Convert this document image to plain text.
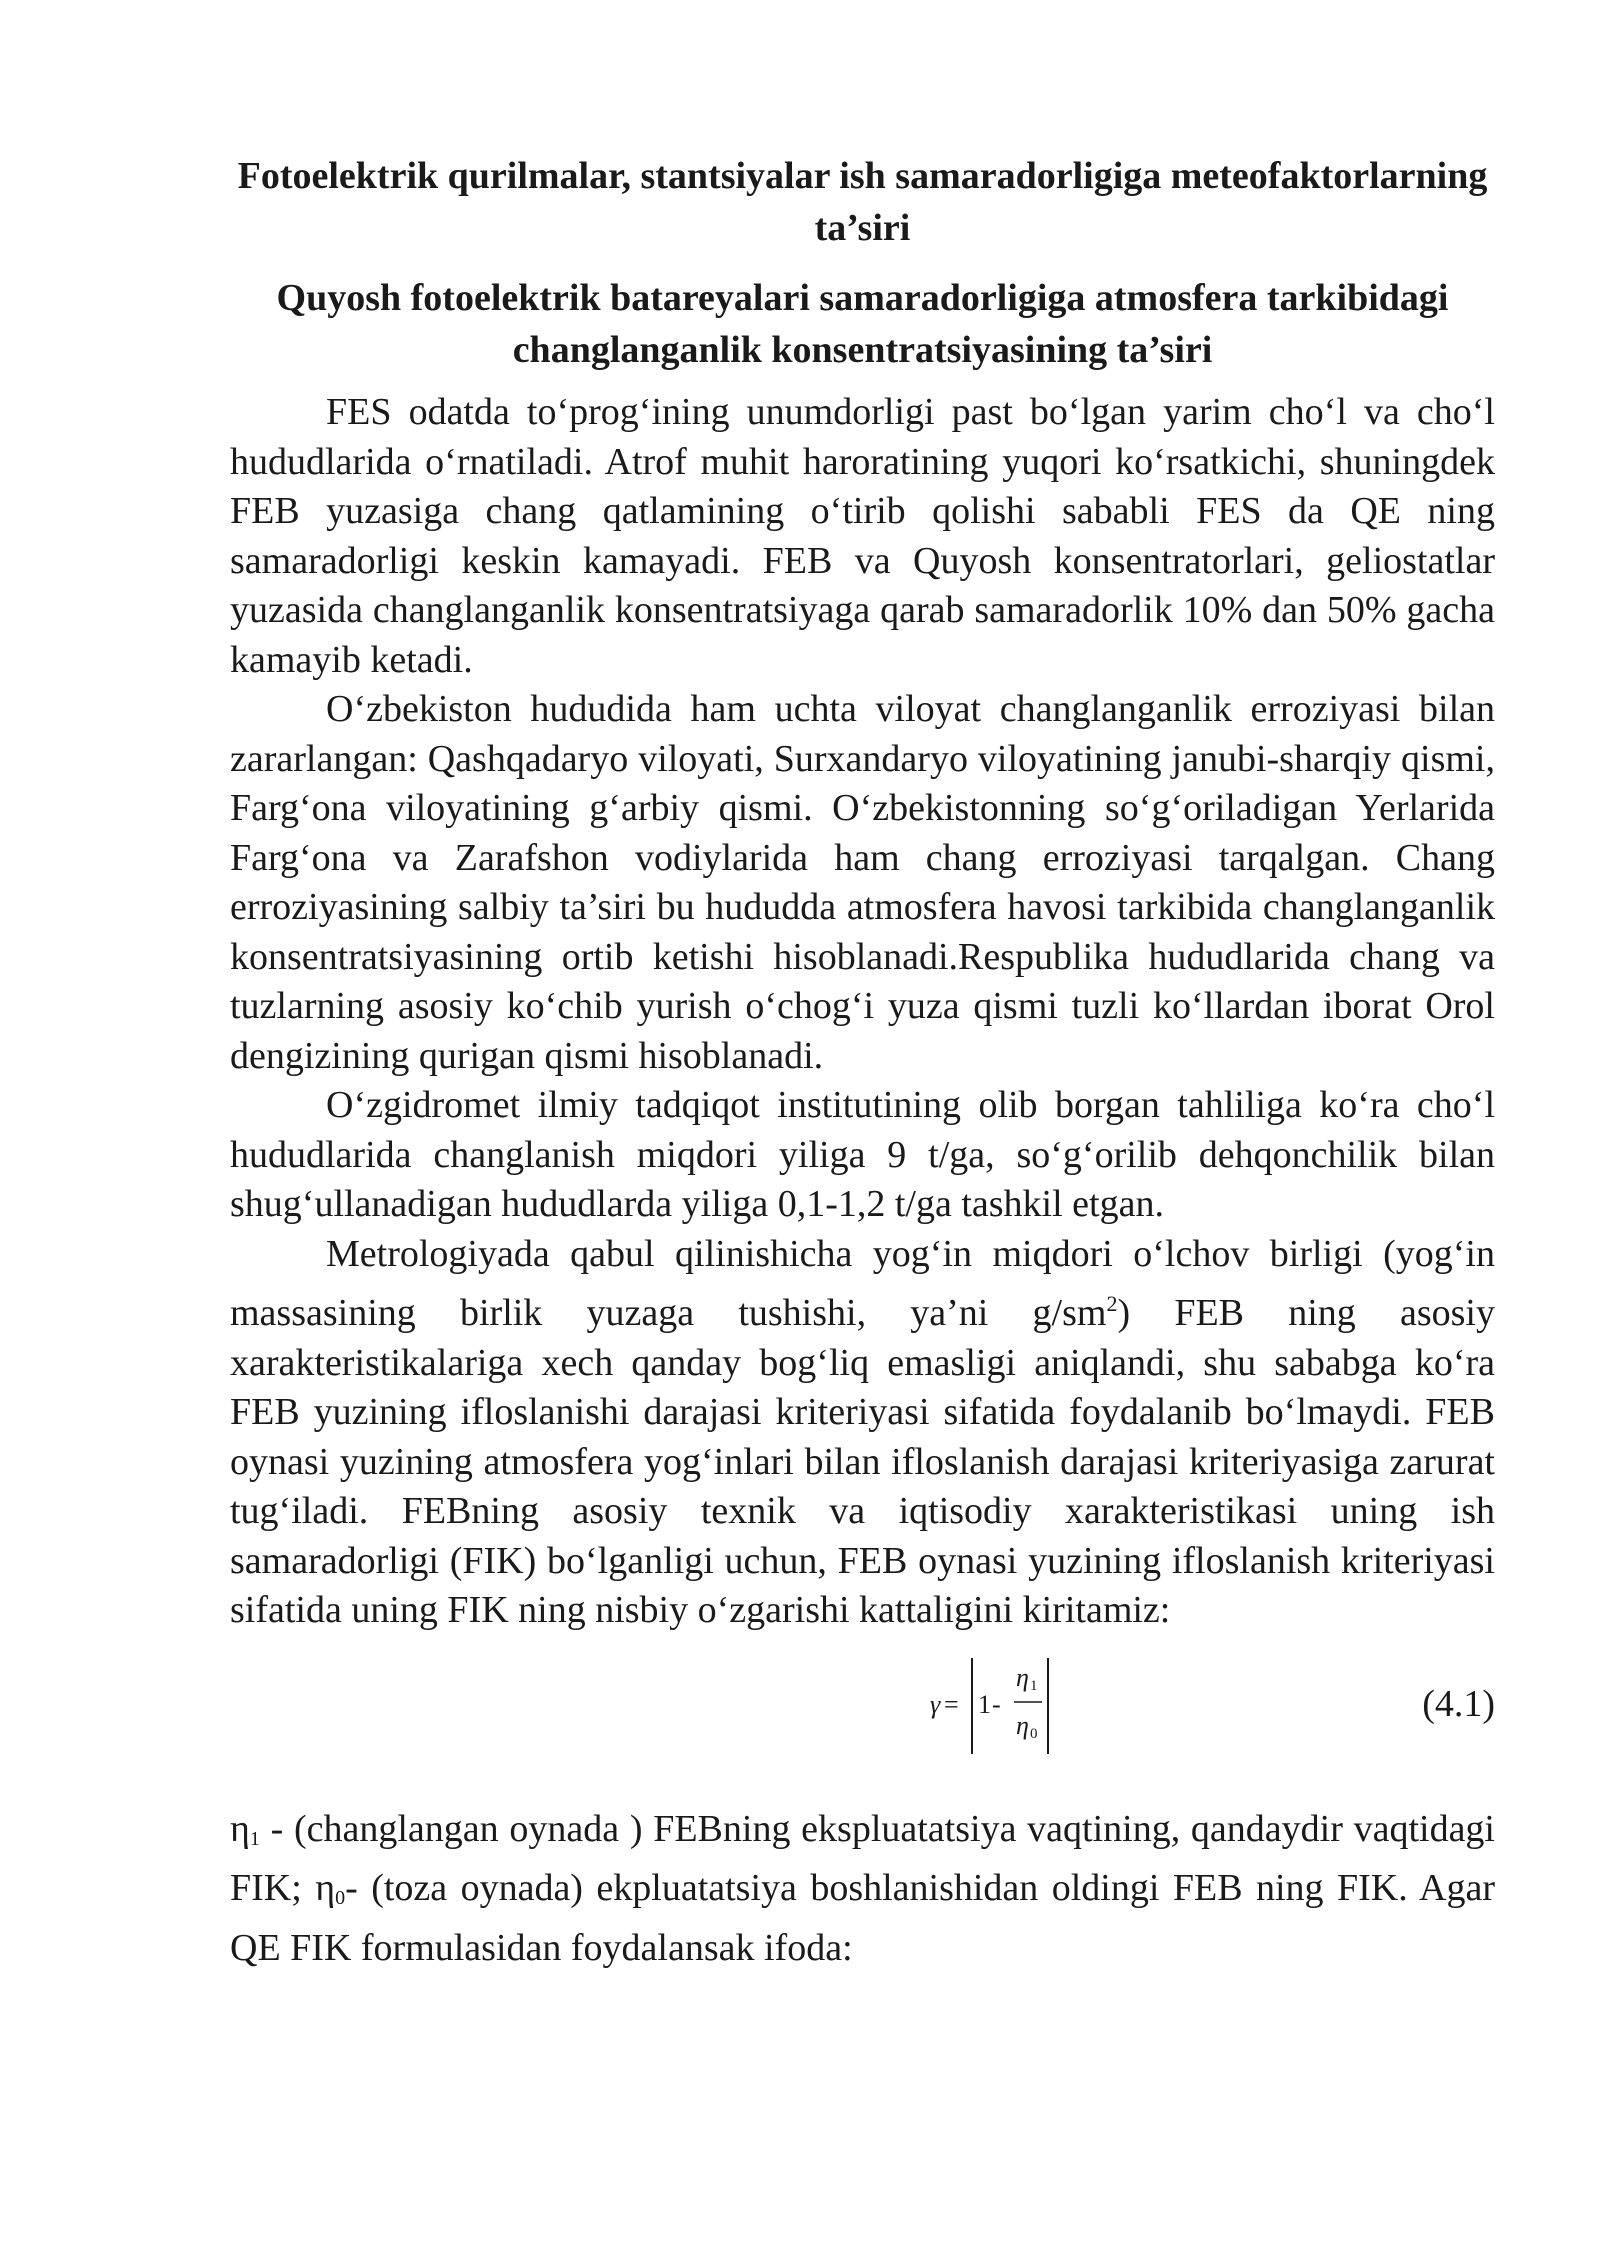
Fotoelektrik qurilmalar, stantsiyalar ish samaradorligiga meteofaktorlarning ta’siri
Quyosh fotoelektrik batareyalari samaradorligiga atmosfera tarkibidagi changlanganlik konsentratsiyasining ta’siri

FES odatda to‘prog‘ining unumdorligi past bo‘lgan yarim cho‘l va cho‘l hududlarida o‘rnatiladi. Atrof muhit haroratining yuqori ko‘rsatkichi, shuningdek FEB yuzasiga chang qatlamining o‘tirib qolishi sababli FES da QE ning samaradorligi keskin kamayadi. FEB va Quyosh konsentratorlari, geliostatlar yuzasida changlanganlik konsentratsiyaga qarab samaradorlik 10% dan 50% gacha kamayib ketadi.

O‘zbekiston hududida ham uchta viloyat changlanganlik erroziyasi bilan zararlangan: Qashqadaryo viloyati, Surxandaryo viloyatining janubi-sharqiy qismi, Farg‘ona viloyatining g‘arbiy qismi. O‘zbekistonning so‘g‘oriladigan Yerlarida Farg‘ona va Zarafshon vodiylarida ham chang erroziyasi tarqalgan. Chang erroziyasining salbiy ta’siri bu hududda atmosfera havosi tarkibida changlanganlik konsentratsiyasining ortib ketishi hisoblanadi.Respublika hududlarida chang va tuzlarning asosiy ko‘chib yurish o‘chog‘i yuza qismi tuzli ko‘llardan iborat Orol dengizining qurigan qismi hisoblanadi.

O‘zgidromet ilmiy tadqiqot institutining olib borgan tahliliga ko‘ra cho‘l hududlarida changlanish miqdori yiliga 9 t/ga, so‘g‘orilib dehqonchilik bilan shug‘ullanadigan hududlarda yiliga 0,1-1,2 t/ga tashkil etgan.

Metrologiyada qabul qilinishicha yog‘in miqdori o‘lchov birligi (yog‘in massasining birlik yuzaga tushishi, ya’ni $g/sm^2$) FEB ning asosiy xarakteristikalariga xech qanday bog‘liq emasligi aniqlandi, shu sababga ko‘ra FEB yuzining ifloslanishi darajasi kriteriyasi sifatida foydalanib bo‘lmaydi. FEB oynasi yuzining atmosfera yog‘inlari bilan ifloslanish darajasi kriteriyasiga zarurat tug‘iladi. FEBning asosiy texnik va iqtisodiy xarakteristikasi uning ish samaradorligi (FIK) bo‘lganligi uchun, FEB oynasi yuzining ifloslanish kriteriyasi sifatida uning FIK ning nisbiy o‘zgarishi kattaligini kiritamiz:

γ = 1 -
η 1
η 0
(4.1)

$\eta_1$ - (changlangan oynada ) FEBning ekspluatatsiya vaqtining, qandaydir vaqtidagi FIK; $\eta_0-$ (toza oynada) ekpluatatsiya boshlanishidan oldingi FEB ning FIK. Agar QE FIK formulasidan foydalansak ifoda:
